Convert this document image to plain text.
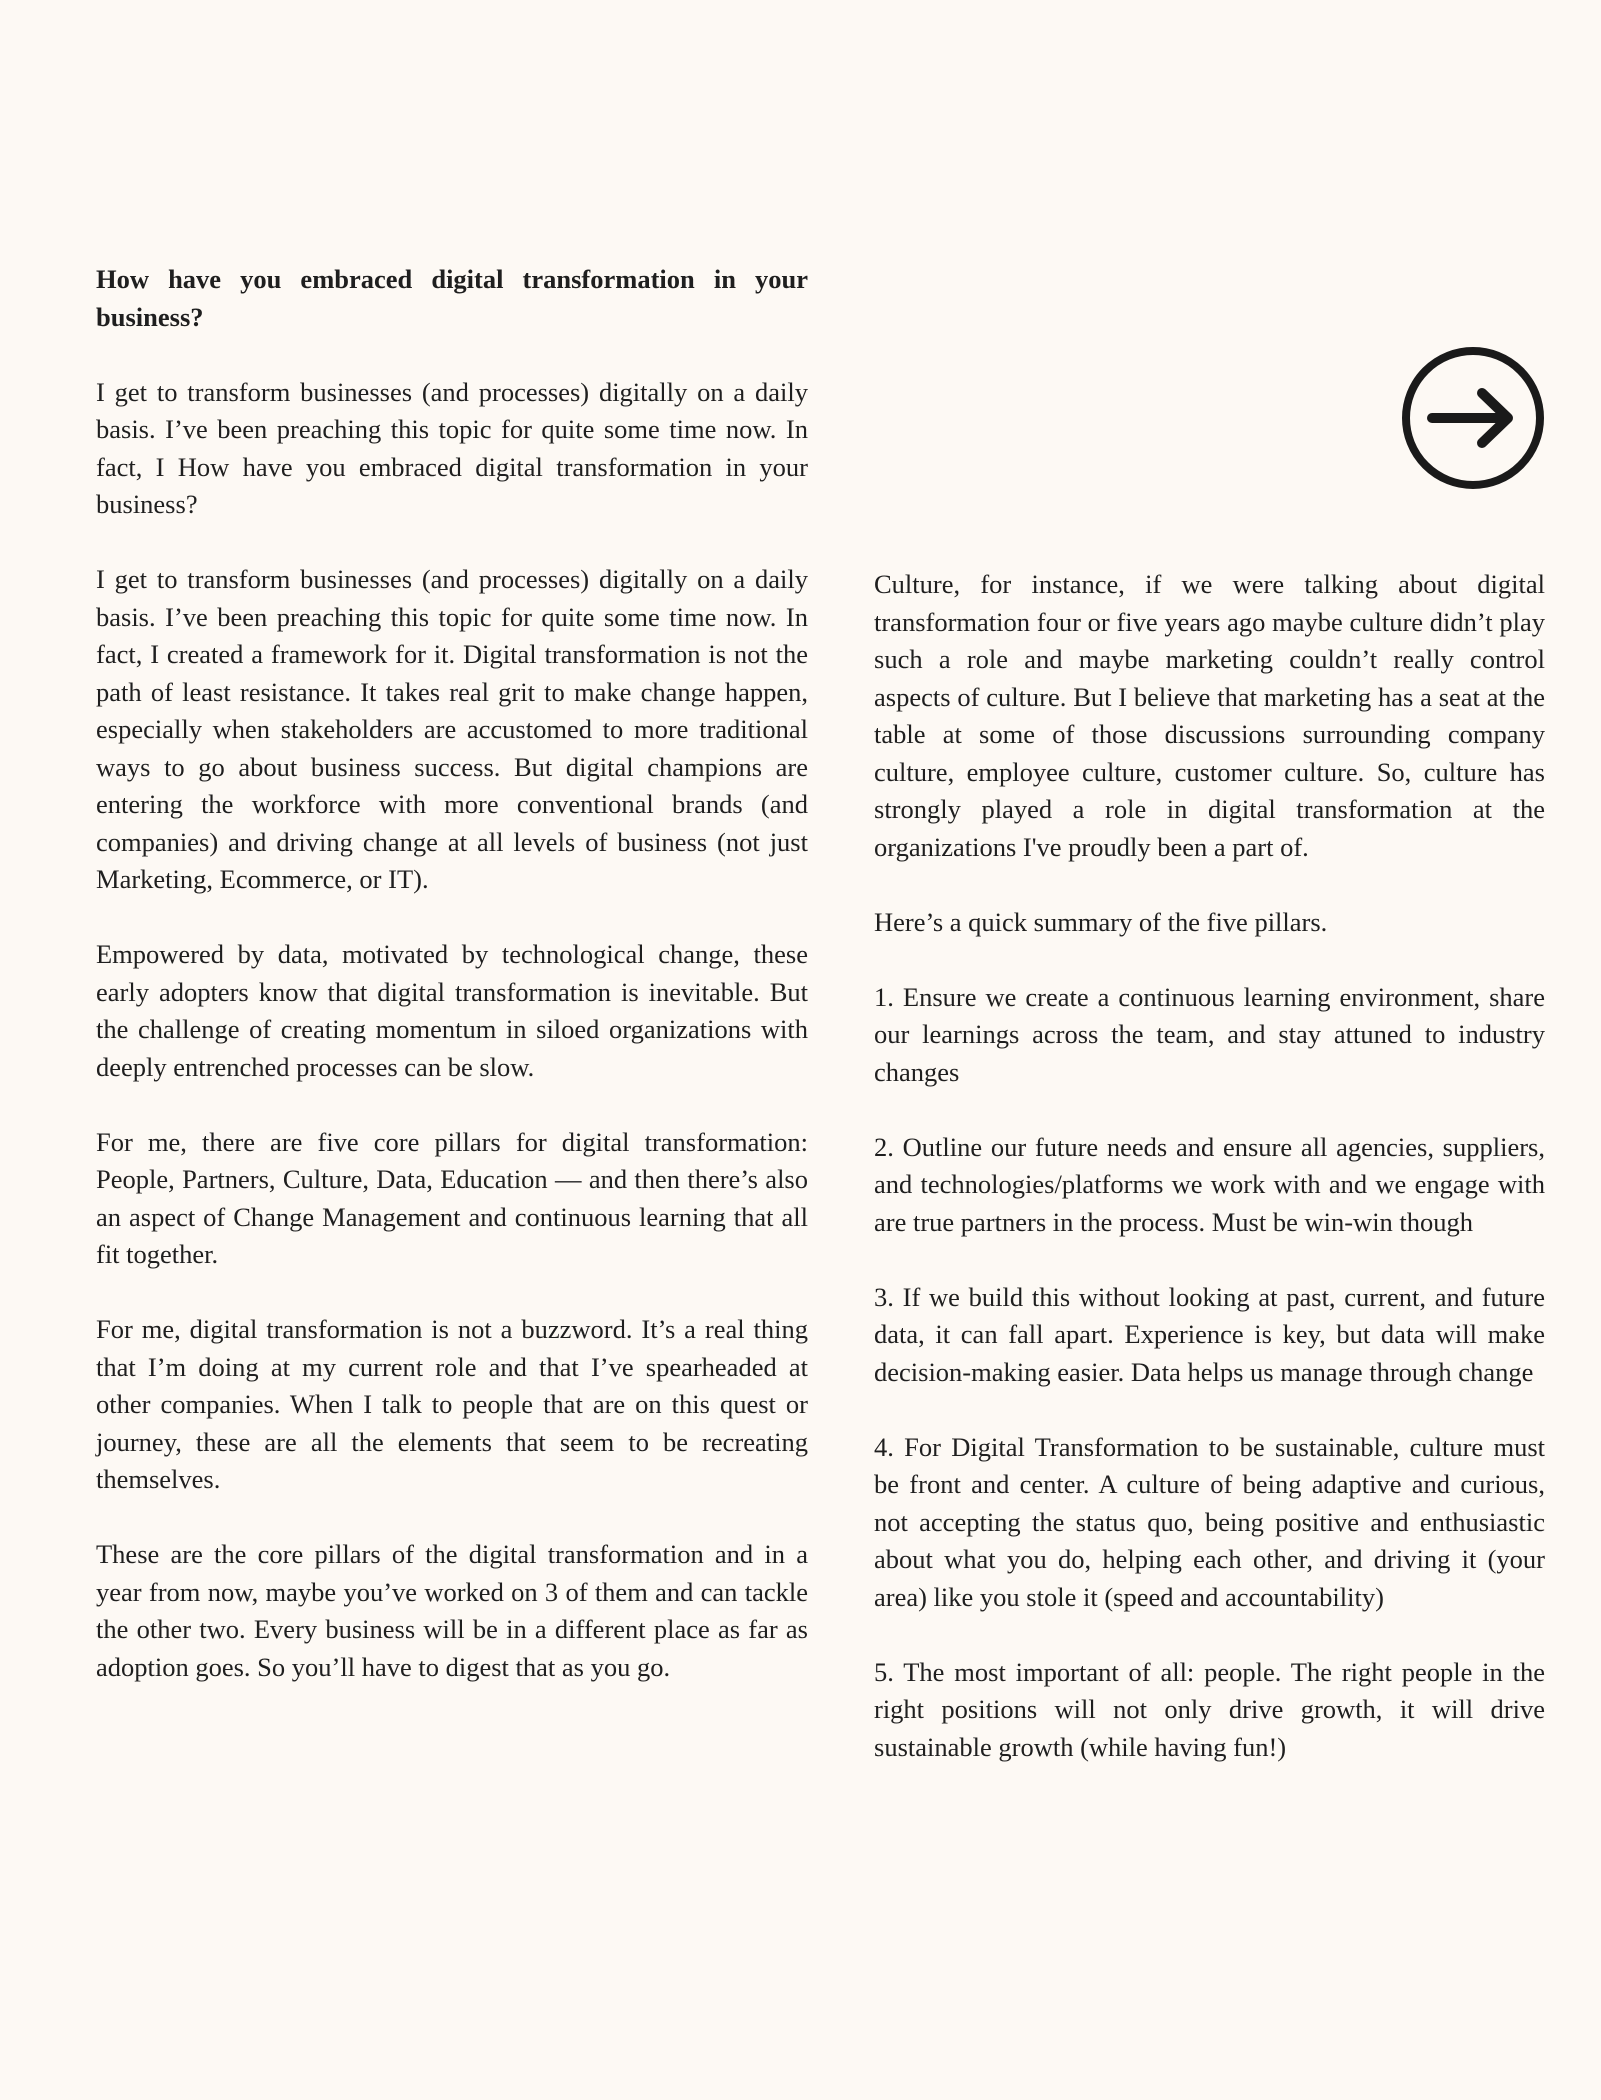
How have you embraced digital transformation in your business?

I get to transform businesses (and processes) digitally on a daily basis. I’ve been preaching this topic for quite some time now. In fact, I How have you embraced digital transformation in your business?

I get to transform businesses (and processes) digitally on a daily basis. I’ve been preaching this topic for quite some time now. In fact, I created a framework for it. Digital transformation is not the path of least resistance. It takes real grit to make change happen, especially when stakeholders are accustomed to more traditional ways to go about business success. But digital champions are entering the workforce with more conventional brands (and companies) and driving change at all levels of business (not just Marketing, Ecommerce, or IT).

Empowered by data, motivated by technological change, these early adopters know that digital transformation is inevitable. But the challenge of creating momentum in siloed organizations with deeply entrenched processes can be slow.

For me, there are five core pillars for digital transformation: People, Partners, Culture, Data, Education — and then there’s also an aspect of Change Management and continuous learning that all fit together.

For me, digital transformation is not a buzzword. It’s a real thing that I’m doing at my current role and that I’ve spearheaded at other companies. When I talk to people that are on this quest or journey, these are all the elements that seem to be recreating themselves.

These are the core pillars of the digital transformation and in a year from now, maybe you’ve worked on 3 of them and can tackle the other two. Every business will be in a different place as far as adoption goes. So you’ll have to digest that as you go.

Culture, for instance, if we were talking about digital transformation four or five years ago maybe culture didn’t play such a role and maybe marketing couldn’t really control aspects of culture. But I believe that marketing has a seat at the table at some of those discussions surrounding company culture, employee culture, customer culture. So, culture has strongly played a role in digital transformation at the organizations I've proudly been a part of.

Here’s a quick summary of the five pillars.

1. Ensure we create a continuous learning environment, share our learnings across the team, and stay attuned to industry changes

2. Outline our future needs and ensure all agencies, suppliers, and technologies/platforms we work with and we engage with are true partners in the process. Must be win-win though

3. If we build this without looking at past, current, and future data, it can fall apart. Experience is key, but data will make decision-making easier. Data helps us manage through change

4. For Digital Transformation to be sustainable, culture must be front and center. A culture of being adaptive and curious, not accepting the status quo, being positive and enthusiastic about what you do, helping each other, and driving it (your area) like you stole it (speed and accountability)

5. The most important of all: people. The right people in the right positions will not only drive growth, it will drive sustainable growth (while having fun!)
